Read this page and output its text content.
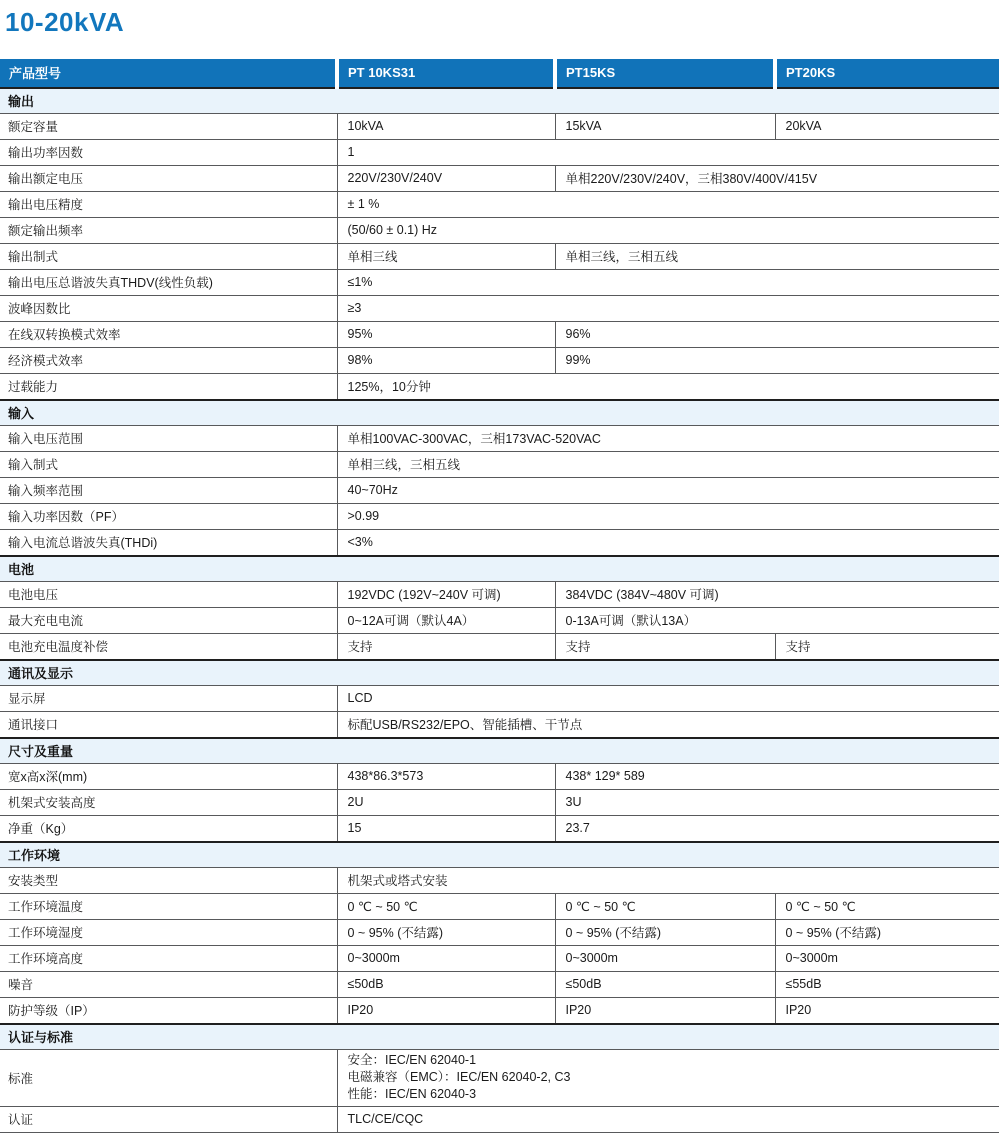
10-20kVA
产品型号	PT 10KS31	PT15KS	PT20KS
输出			
额定容量	10kVA	15kVA	20kVA
输出功率因数	1		
输出额定电压	220V/230V/240V	单相220V/230V/240V，三相380V/400V/415V	
输出电压精度	± 1 %		
额定输出频率	(50/60 ± 0.1) Hz		
输出制式	单相三线	单相三线，三相五线	
输出电压总谐波失真THDV(线性负载)	≤1%		
波峰因数比	≥3		
在线双转换模式效率	95%	96%	
经济模式效率	98%	99%	
过载能力	125%，10分钟		
输入			
输入电压范围	单相100VAC-300VAC，三相173VAC-520VAC		
输入制式	单相三线，三相五线		
输入频率范围	40~70Hz		
输入功率因数（PF）	>0.99		
输入电流总谐波失真(THDi)	<3%		
电池			
电池电压	192VDC (192V~240V 可调)	384VDC (384V~480V 可调)	
最大充电电流	0~12A可调（默认4A）	0-13A可调（默认13A）	
电池充电温度补偿	支持	支持	支持
通讯及显示			
显示屏	LCD		
通讯接口	标配USB/RS232/EPO、智能插槽、干节点		
尺寸及重量			
宽x高x深(mm)	438*86.3*573	438* 129* 589	
机架式安装高度	2U	3U	
净重（Kg）	15	23.7	
工作环境			
安装类型	机架式或塔式安装		
工作环境温度	0 ℃ ~ 50 ℃	0 ℃ ~ 50 ℃	0 ℃ ~ 50 ℃
工作环境湿度	0 ~ 95% (不结露)	0 ~ 95% (不结露)	0 ~ 95% (不结露)
工作环境高度	0~3000m	0~3000m	0~3000m
噪音	≤50dB	≤50dB	≤55dB
防护等级（IP）	IP20	IP20	IP20
认证与标准			
标准	安全：IEC/EN 62040-1
电磁兼容（EMC）：IEC/EN 62040-2, C3
性能：IEC/EN 62040-3		

认证	TLC/CE/CQC		
